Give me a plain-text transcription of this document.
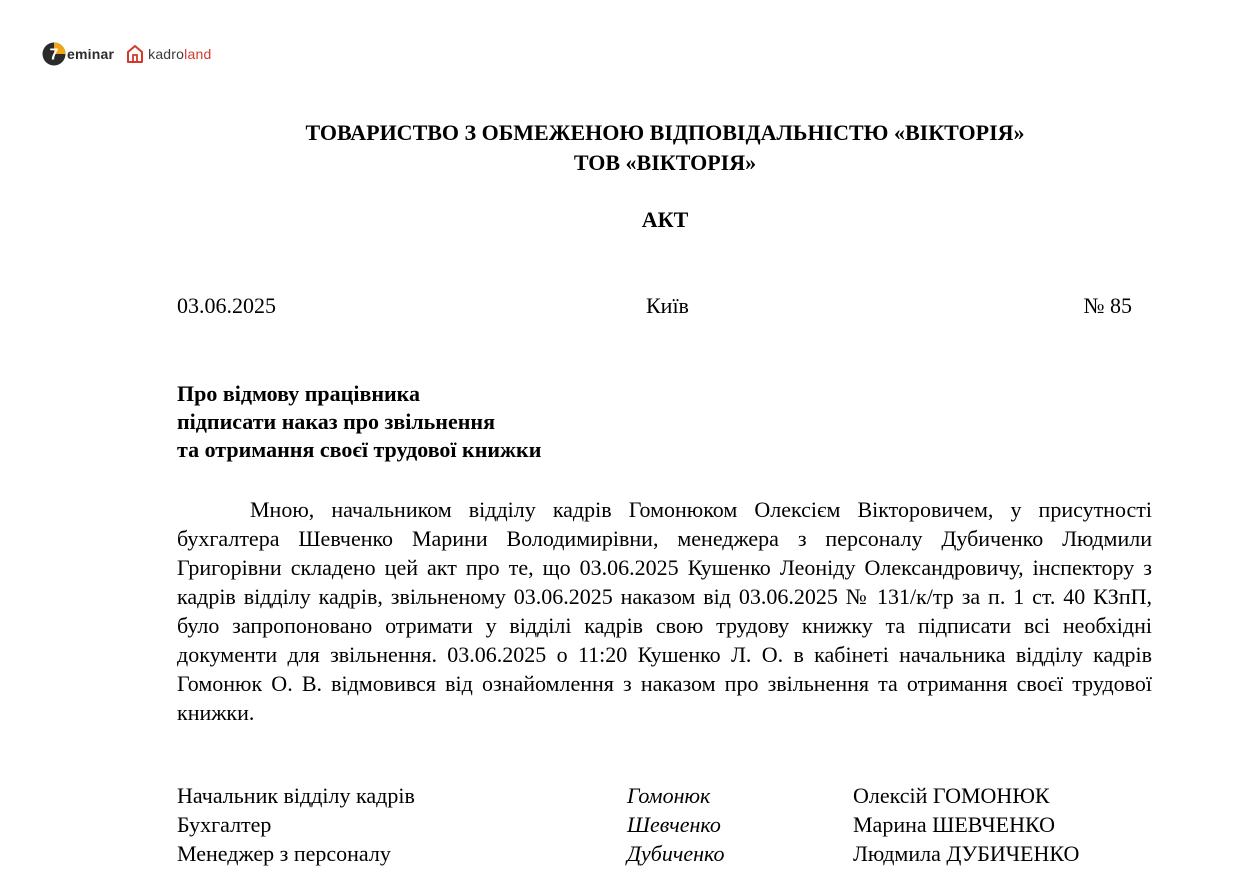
7 eminar kadroland
ТОВАРИСТВО З ОБМЕЖЕНОЮ ВІДПОВІДАЛЬНІСТЮ «ВІКТОРІЯ»
ТОВ «ВІКТОРІЯ»
АКТ
03.06.2025	Київ	№ 85
Про відмову працівника
підписати наказ про звільнення
та отримання своєї трудової книжки

Мною, начальником відділу кадрів Гомонюком Олексієм Вікторовичем, у присутності бухгалтера Шевченко Марини Володимирівни, менеджера з персоналу Дубиченко Людмили Григорівни складено цей акт про те, що 03.06.2025 Кушенко Леоніду Олександровичу, інспектору з кадрів відділу кадрів, звільненому 03.06.2025 наказом від 03.06.2025 № 131/к/тр за п. 1 ст. 40 КЗпП, було запропоновано отримати у відділі кадрів свою трудову книжку та підписати всі необхідні документи для звільнення. 03.06.2025 о 11:20 Кушенко Л. О. в кабінеті начальника відділу кадрів Гомонюк О. В. відмовився від ознайомлення з наказом про звільнення та отримання своєї трудової книжки.

Начальник відділу кадрів	Гомонюк	Олексій ГОМОНЮК
Бухгалтер	Шевченко	Марина ШЕВЧЕНКО
Менеджер з персоналу	Дубиченко	Людмила ДУБИЧЕНКО
